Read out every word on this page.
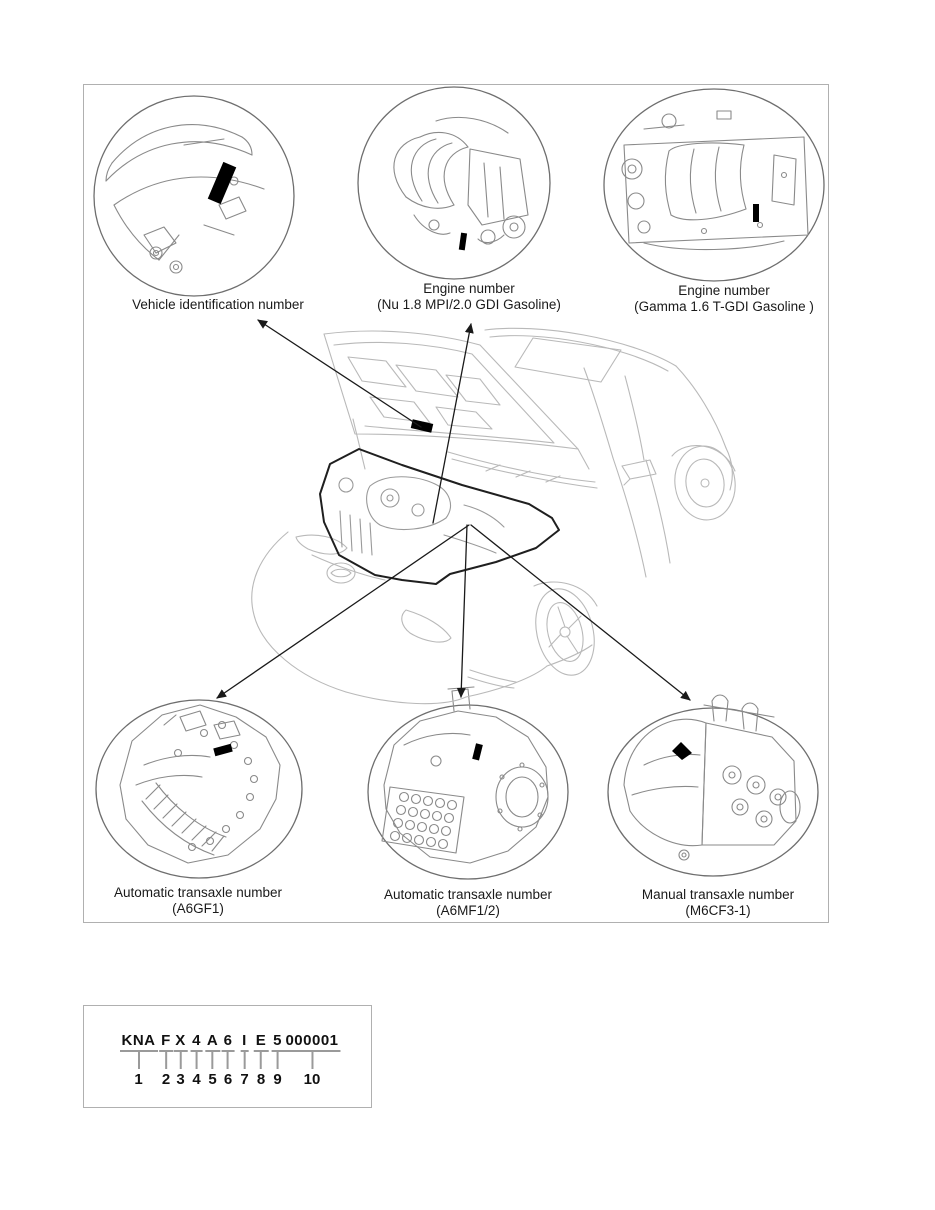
Vehicle identification number
Engine number
(Nu 1.8 MPI/2.0 GDI Gasoline)
Engine number
(Gamma 1.6 T-GDI Gasoline )
Automatic transaxle number
(A6GF1)
Automatic transaxle number
(A6MF1/2)
Manual transaxle number
(M6CF3-1)
KNA
1
F
2
X
3
4
4
A
5
6
6
I
7
E
8
5
9
000001
10
